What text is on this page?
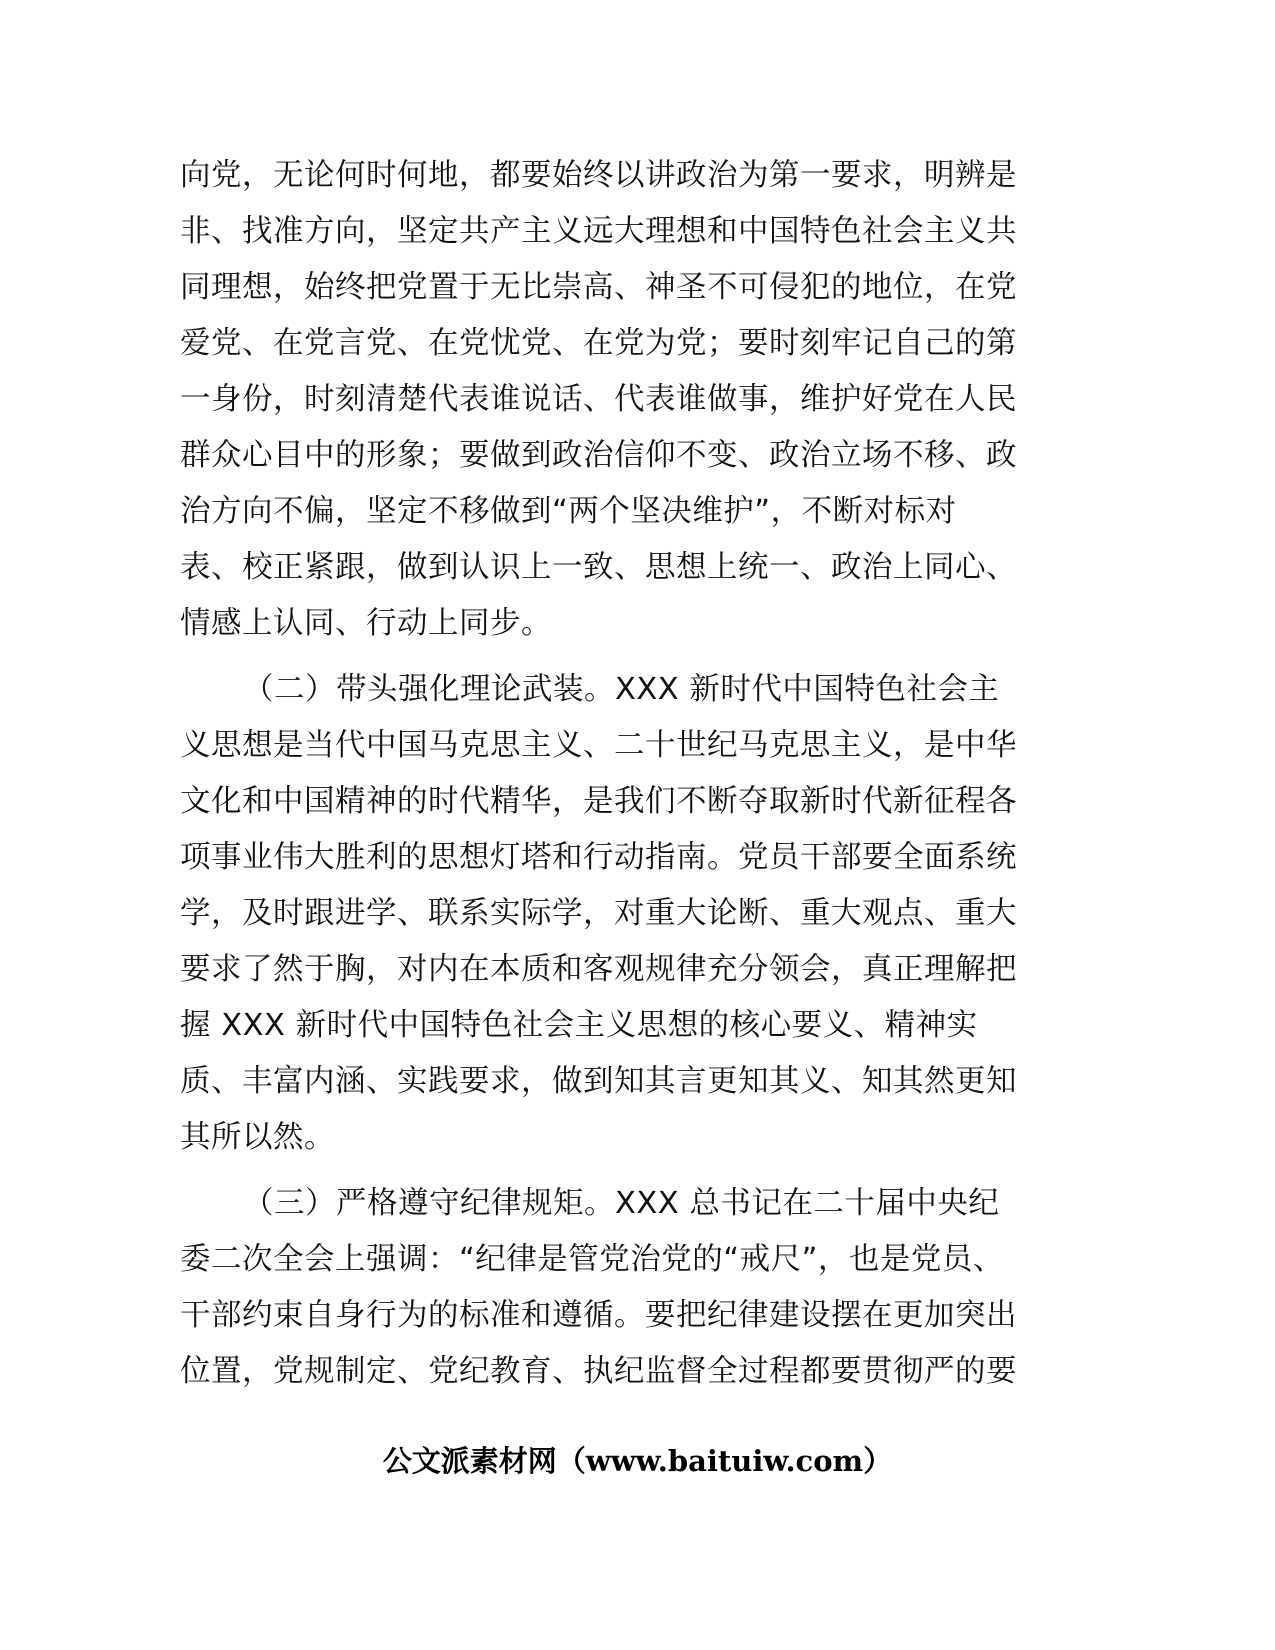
向党，无论何时何地，都要始终以讲政治为第一要求，明辨是
非、找准方向，坚定共产主义远大理想和中国特色社会主义共
同理想，始终把党置于无比崇高、神圣不可侵犯的地位，在党
爱党、在党言党、在党忧党、在党为党；要时刻牢记自己的第
一身份，时刻清楚代表谁说话、代表谁做事，维护好党在人民
群众心目中的形象；要做到政治信仰不变、政治立场不移、政
治方向不偏，坚定不移做到“两个坚决维护”，不断对标对
表、校正紧跟，做到认识上一致、思想上统一、政治上同心、
情感上认同、行动上同步。
（二）带头强化理论武装。XXX 新时代中国特色社会主
义思想是当代中国马克思主义、二十世纪马克思主义，是中华
文化和中国精神的时代精华，是我们不断夺取新时代新征程各
项事业伟大胜利的思想灯塔和行动指南。党员干部要全面系统
学，及时跟进学、联系实际学，对重大论断、重大观点、重大
要求了然于胸，对内在本质和客观规律充分领会，真正理解把
握 XXX 新时代中国特色社会主义思想的核心要义、精神实
质、丰富内涵、实践要求，做到知其言更知其义、知其然更知
其所以然。
（三）严格遵守纪律规矩。XXX 总书记在二十届中央纪
委二次全会上强调：“纪律是管党治党的“戒尺”，也是党员、
干部约束自身行为的标准和遵循。要把纪律建设摆在更加突出
位置，党规制定、党纪教育、执纪监督全过程都要贯彻严的要
公文派素材网（www.baituiw.com）
